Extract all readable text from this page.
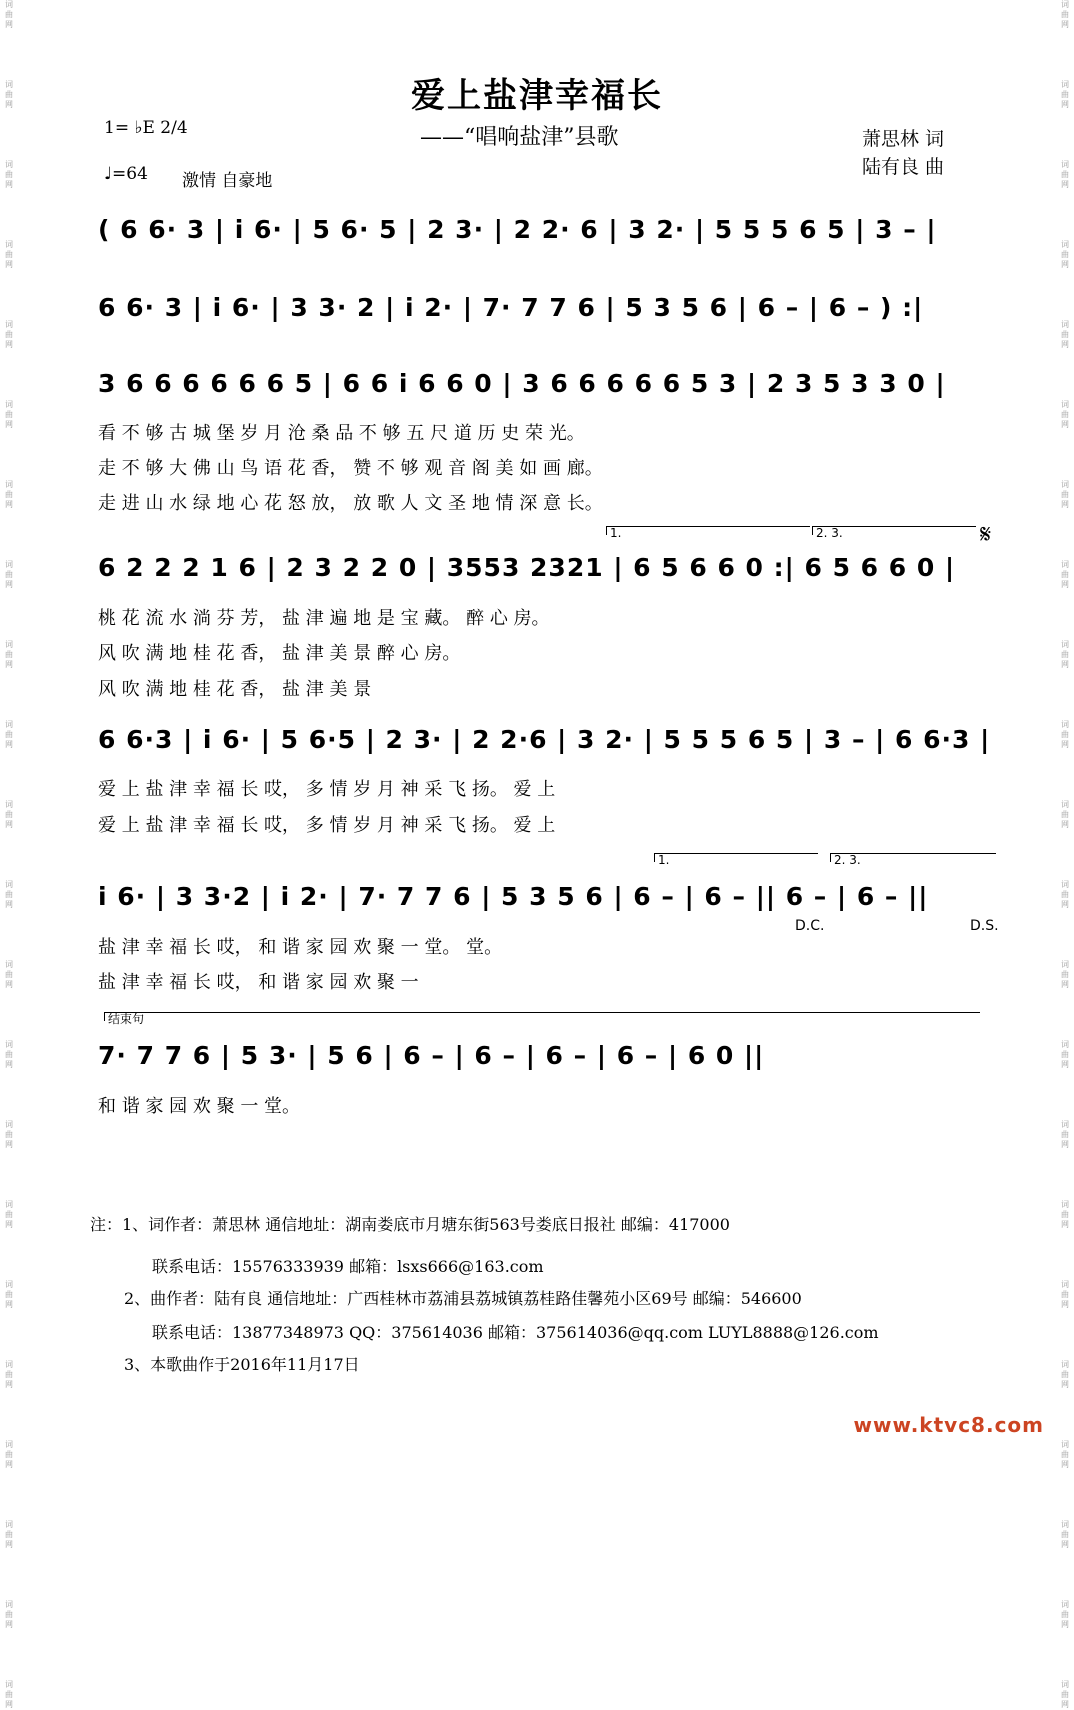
词曲网
词曲网
词曲网
词曲网
词曲网
词曲网
词曲网
词曲网
词曲网
词曲网
词曲网
词曲网
词曲网
词曲网
词曲网
词曲网
词曲网
词曲网
词曲网
词曲网
词曲网
词曲网
词曲网
词曲网
词曲网
词曲网
词曲网
词曲网
词曲网
词曲网
词曲网
词曲网
词曲网
词曲网
词曲网
词曲网
词曲网
词曲网
词曲网
词曲网
词曲网
词曲网
词曲网
词曲网
爱上盐津幸福长
——“唱响盐津”县歌	萧思林 词
陆有良 曲
1= ♭E 2/4
♩=64 激情 自豪地
( 6 6· 3 | i 6· | 5 6· 5 | 2 3· | 2 2· 6 | 3 2· | 5 5 5 6 5 | 3 – |
6 6· 3 | i 6· | 3 3· 2 | i 2· | 7· 7 7 6 | 5 3 5 6 | 6 – | 6 – ) :|
3 6 6 6 6 6 6 5 | 6 6 i 6 6 0 | 3 6 6 6 6 6 5 3 | 2 3 5 3 3 0 |
看 不 够 古 城 堡 岁 月 沧 桑 品 不 够 五 尺 道 历 史 荣 光。
走 不 够 大 佛 山 鸟 语 花 香， 赞 不 够 观 音 阁 美 如 画 廊。
走 进 山 水 绿 地 心 花 怒 放， 放 歌 人 文 圣 地 情 深 意 长。
1.	2. 3.	𝄋
6 2 2 2 1 6 | 2 3 2 2 0 | 3553 2321 | 6 5 6 6 0 :| 6 5 6 6 0 |
桃 花 流 水 淌 芬 芳， 盐 津 遍 地 是 宝 藏。 醉 心 房。
风 吹 满 地 桂 花 香， 盐 津 美 景 醉 心 房。
风 吹 满 地 桂 花 香， 盐 津 美 景
6 6·3 | i 6· | 5 6·5 | 2 3· | 2 2·6 | 3 2· | 5 5 5 6 5 | 3 – | 6 6·3 |
爱 上 盐 津 幸 福 长 哎， 多 情 岁 月 神 采 飞 扬。 爱 上
爱 上 盐 津 幸 福 长 哎， 多 情 岁 月 神 采 飞 扬。 爱 上
1.	2. 3.
i 6· | 3 3·2 | i 2· | 7· 7 7 6 | 5 3 5 6 | 6 – | 6 – || 6 – | 6 – ||
D.C.	D.S.
盐 津 幸 福 长 哎， 和 谐 家 园 欢 聚 一 堂。 堂。
盐 津 幸 福 长 哎， 和 谐 家 园 欢 聚 一
结束句
7· 7 7 6 | 5 3· | 5 6 | 6 – | 6 – | 6 – | 6 – | 6 0 ||
和 谐 家 园 欢 聚 一 堂。
注：1、词作者：萧思林 通信地址：湖南娄底市月塘东街563号娄底日报社 邮编：417000
联系电话：15576333939 邮箱：lsxs666@163.com
2、曲作者：陆有良 通信地址：广西桂林市荔浦县荔城镇荔桂路佳馨苑小区69号 邮编：546600
联系电话：13877348973 QQ：375614036 邮箱：375614036@qq.com LUYL8888@126.com
3、本歌曲作于2016年11月17日
www.ktvc8.com
